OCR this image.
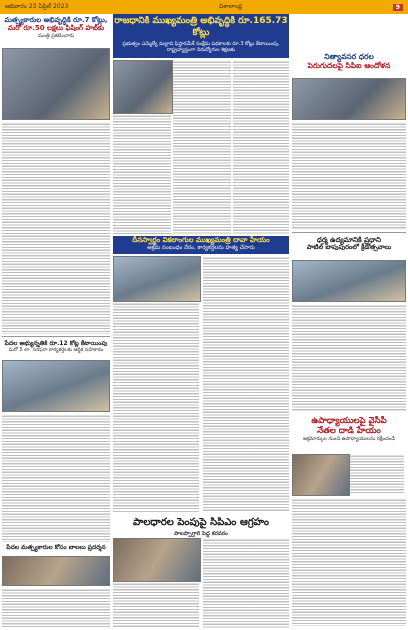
ఆదివారం 23 ఏప్రిల్ 2023	విశాలాంధ్ర	9
మత్స్యకారుల అభివృద్ధికి రూ.7 కోట్లు,
మరో రూ.50 లక్షలు ఫిషింగ్ హబ్‌కు
మంత్రి ప్రకటించారు
పేదల అభ్యున్నతికి రూ.12 కోట్ల కేటాయింపు
మరో 5 లా. సరఫరా కార్యకర్తలకు ఆర్థిక సహకారం
పేదల మత్స్యకారుల కోసం బాలలు ప్రదర్శన
రాజధానికి ముఖ్యమంత్రి అభివృద్ధికి రూ.165.73 కోట్లు
ప్రభుత్వం ఎమ్మెల్యే మల్లాది ఫిష్షారమేశ్ సంక్షేమ పథకాలకు రూ.3 కోట్లు కేటాయింపు, రాష్ట్రవ్యాప్తంగా నిరుద్యోగుల శిక్షణకు
దీనస్వార్థం వికలాంగుల ముఖ్యమంత్రి దావా హేయం
అక్రమ సంబంధం నేరం, కార్యకర్తలను హత్య చేసారు
పాలధారల పెంపుపై సిపిఎం ఆగ్రహం
పాలప్పాగ్తారి పెద్ద కరవరం
నిత్యావసర ధరల
పెరుగుదలపై సిపిఐ ఆందోళన
ధర్మ ఉద్యమానికి ప్రధాని
పాటిల్ బాపుపురంలో క్రీడోత్సవాలు
ఉపాధ్యాయులపై వైసీపీ
నేతల దాడి హేయం
అక్రమార్కుల నుంచి ఉపాధ్యాయులను రక్షించండి
